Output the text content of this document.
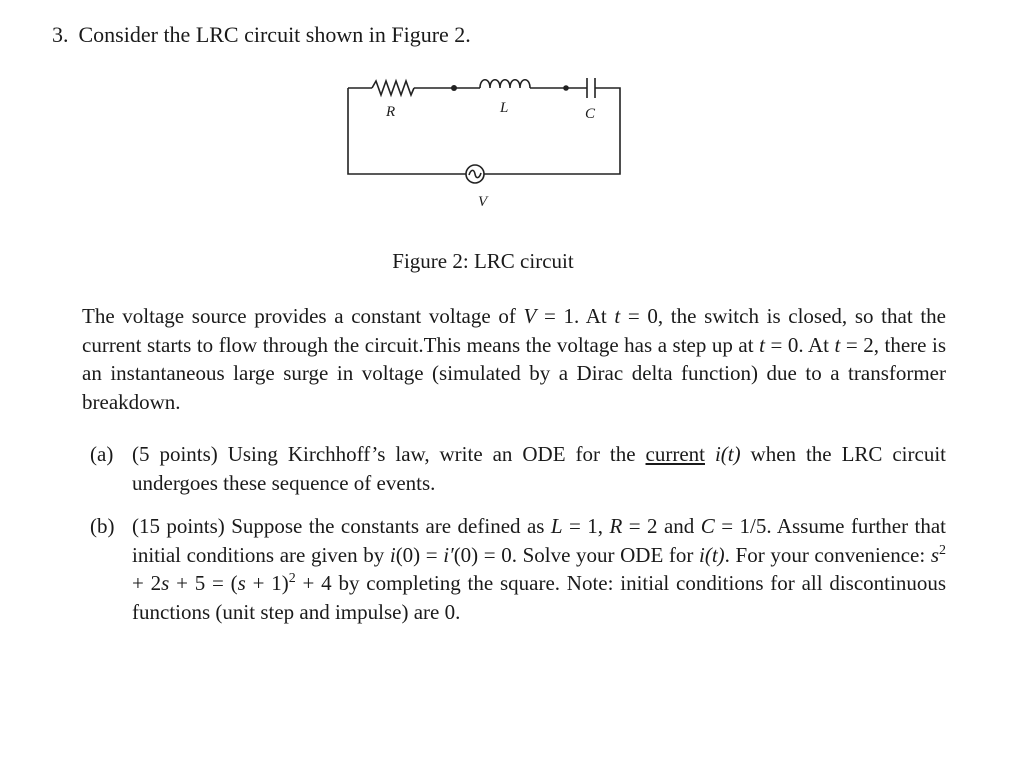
3. Consider the LRC circuit shown in Figure 2.
R	L	C
V
Figure 2: LRC circuit
The voltage source provides a constant voltage of V = 1. At t = 0, the switch is closed, so that the current starts to flow through the circuit.This means the voltage has a step up at t = 0. At t = 2, there is an instantaneous large surge in voltage (simulated by a Dirac delta function) due to a transformer breakdown.
(a) (5 points) Using Kirchhoff’s law, write an ODE for the current i(t) when the LRC circuit undergoes these sequence of events.
(b) (15 points) Suppose the constants are defined as L = 1, R = 2 and C = 1/5. Assume further that initial conditions are given by i(0) = i′(0) = 0. Solve your ODE for i(t). For your convenience: $s^2 + 2s + 5 = (s + 1)^2 + 4$ by completing the square. Note: initial conditions for all discontinuous functions (unit step and impulse) are 0.
